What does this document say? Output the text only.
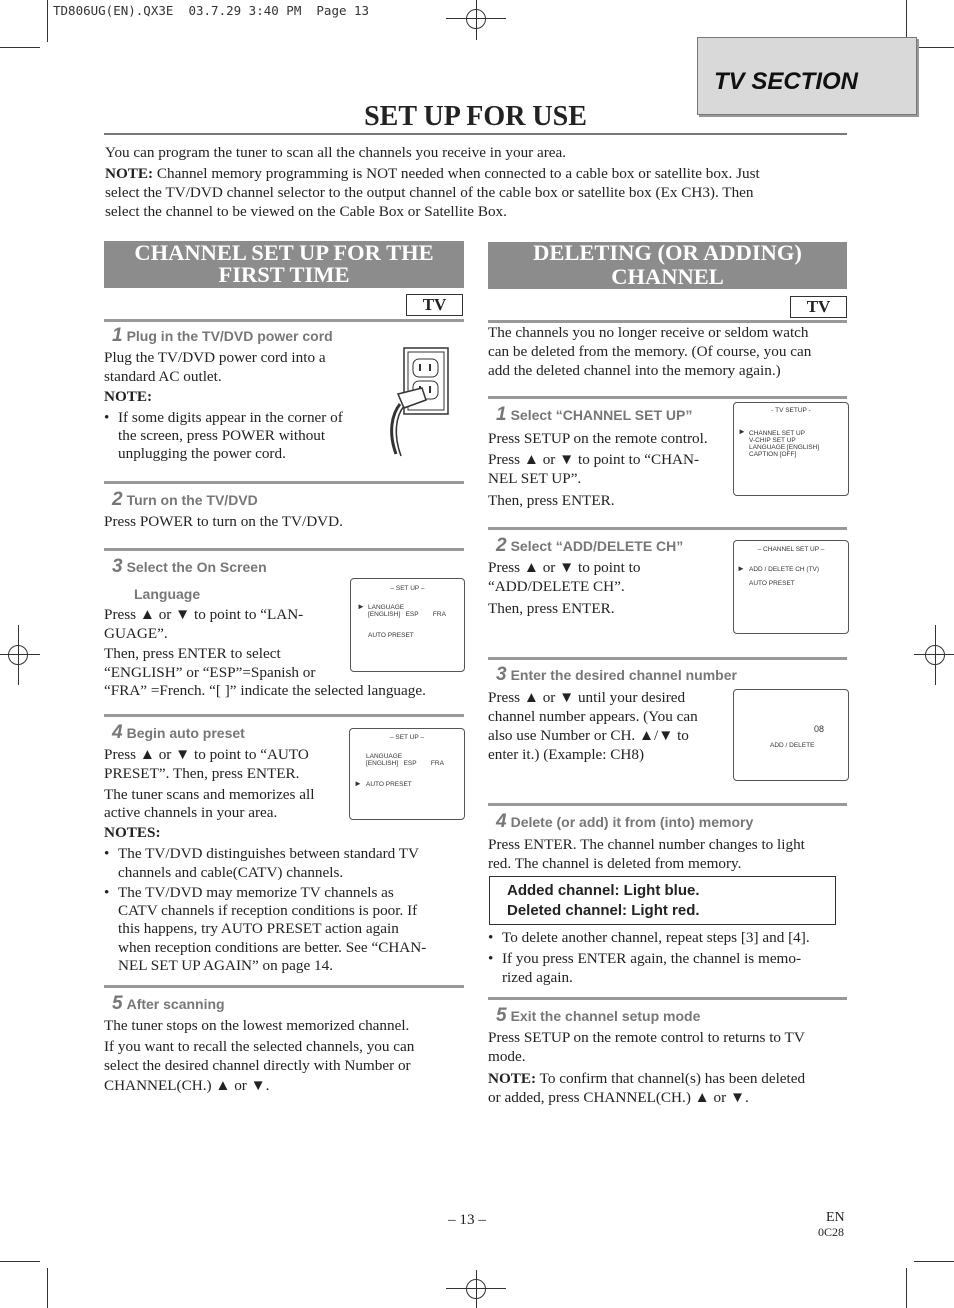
TD806UG(EN).QX3E  03.7.29 3:40 PM  Page 13
TV SECTION
SET UP FOR USE
You can program the tuner to scan all the channels you receive in your area.
NOTE: Channel memory programming is NOT needed when connected to a cable box or satellite box. Just
select the TV/DVD channel selector to the output channel of the cable box or satellite box (Ex CH3). Then
select the channel to be viewed on the Cable Box or Satellite Box.
CHANNEL SET UP FOR THE
FIRST TIME
TV
1 Plug in the TV/DVD power cord
Plug the TV/DVD power cord into a
standard AC outlet.
NOTE:
• If some digits appear in the corner of
the screen, press POWER without
unplugging the power cord.
2 Turn on the TV/DVD
Press POWER to turn on the TV/DVD.
3 Select the On Screen
Language
Press ▲ or ▼ to point to “LAN-
GUAGE”.
Then, press ENTER to select
“ENGLISH” or “ESP”=Spanish or
“FRA” =French. “[ ]” indicate the selected language.
– SET UP –
► LANGUAGE
[ENGLISH]   ESP        FRA
AUTO PRESET
4 Begin auto preset
Press ▲ or ▼ to point to “AUTO
PRESET”. Then, press ENTER.
The tuner scans and memorizes all
active channels in your area.
NOTES:
• The TV/DVD distinguishes between standard TV
channels and cable(CATV) channels.
• The TV/DVD may memorize TV channels as
CATV channels if reception conditions is poor. If
this happens, try AUTO PRESET action again
when reception conditions are better. See “CHAN-
NEL SET UP AGAIN” on page 14.
– SET UP –
LANGUAGE
[ENGLISH]   ESP        FRA
► AUTO PRESET
5 After scanning
The tuner stops on the lowest memorized channel.
If you want to recall the selected channels, you can
select the desired channel directly with Number or
CHANNEL(CH.) ▲ or ▼.
DELETING (OR ADDING)
CHANNEL
TV
The channels you no longer receive or seldom watch
can be deleted from the memory. (Of course, you can
add the deleted channel into the memory again.)
1 Select “CHANNEL SET UP”
Press SETUP on the remote control.
Press ▲ or ▼ to point to “CHAN-
NEL SET UP”.
Then, press ENTER.
- TV SETUP -
► CHANNEL SET UP
V-CHIP SET UP
LANGUAGE [ENGLISH]
CAPTION [OFF]
2 Select “ADD/DELETE CH”
Press ▲ or ▼ to point to
“ADD/DELETE CH”.
Then, press ENTER.
– CHANNEL SET UP –
► ADD / DELETE CH (TV)
AUTO PRESET
3 Enter the desired channel number
Press ▲ or ▼ until your desired
channel number appears. (You can
also use Number or CH. ▲/▼ to
enter it.) (Example: CH8)
08
ADD / DELETE
4 Delete (or add) it from (into) memory
Press ENTER. The channel number changes to light
red. The channel is deleted from memory.
Added channel: Light blue.
Deleted channel: Light red.
• To delete another channel, repeat steps [3] and [4].
• If you press ENTER again, the channel is memo-
rized again.
5 Exit the channel setup mode
Press SETUP on the remote control to returns to TV
mode.
NOTE: To confirm that channel(s) has been deleted
or added, press CHANNEL(CH.) ▲ or ▼.
– 13 –	EN
0C28
